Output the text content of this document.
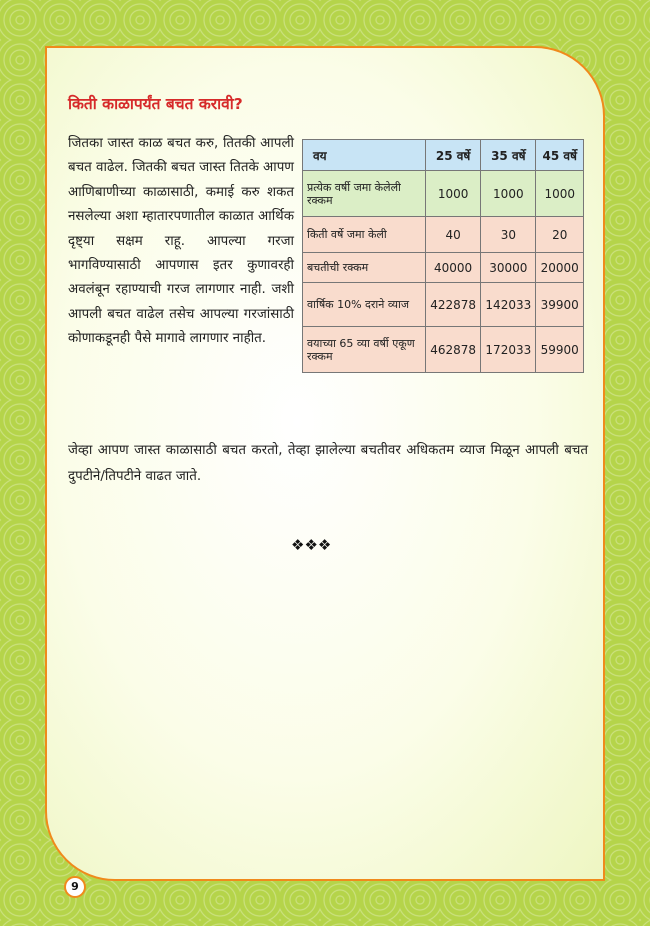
किती काळापर्यंत बचत करावी?
जितका जास्त काळ बचत करु, तितकी आपली बचत वाढेल. जितकी बचत जास्त तितके आपण आणिबाणीच्या काळासाठी, कमाई करु शकत नसलेल्या अशा म्हातारपणातील काळात आर्थिक दृष्ट्या सक्षम राहू. आपल्या गरजा भागविण्यासाठी आपणास इतर कुणावरही अवलंबून रहाण्याची गरज लागणार नाही. जशी आपली बचत वाढेल तसेच आपल्या गरजांसाठी कोणाकडूनही पैसे मागावे लागणार नाहीत.
वय	25 वर्षे	35 वर्षे	45 वर्षे
प्रत्येक वर्षी जमा केलेली रक्कम	1000	1000	1000
किती वर्षे जमा केली	40	30	20
बचतीची रक्कम	40000	30000	20000
वार्षिक 10% दराने व्याज	422878	142033	39900
वयाच्या 65 व्या वर्षी एकूण रक्कम	462878	172033	59900
जेव्हा आपण जास्त काळासाठी बचत करतो, तेव्हा झालेल्या बचतीवर अधिकतम व्याज मिळून आपली बचत दुपटीने/तिपटीने वाढत जाते.
❖❖❖
9
